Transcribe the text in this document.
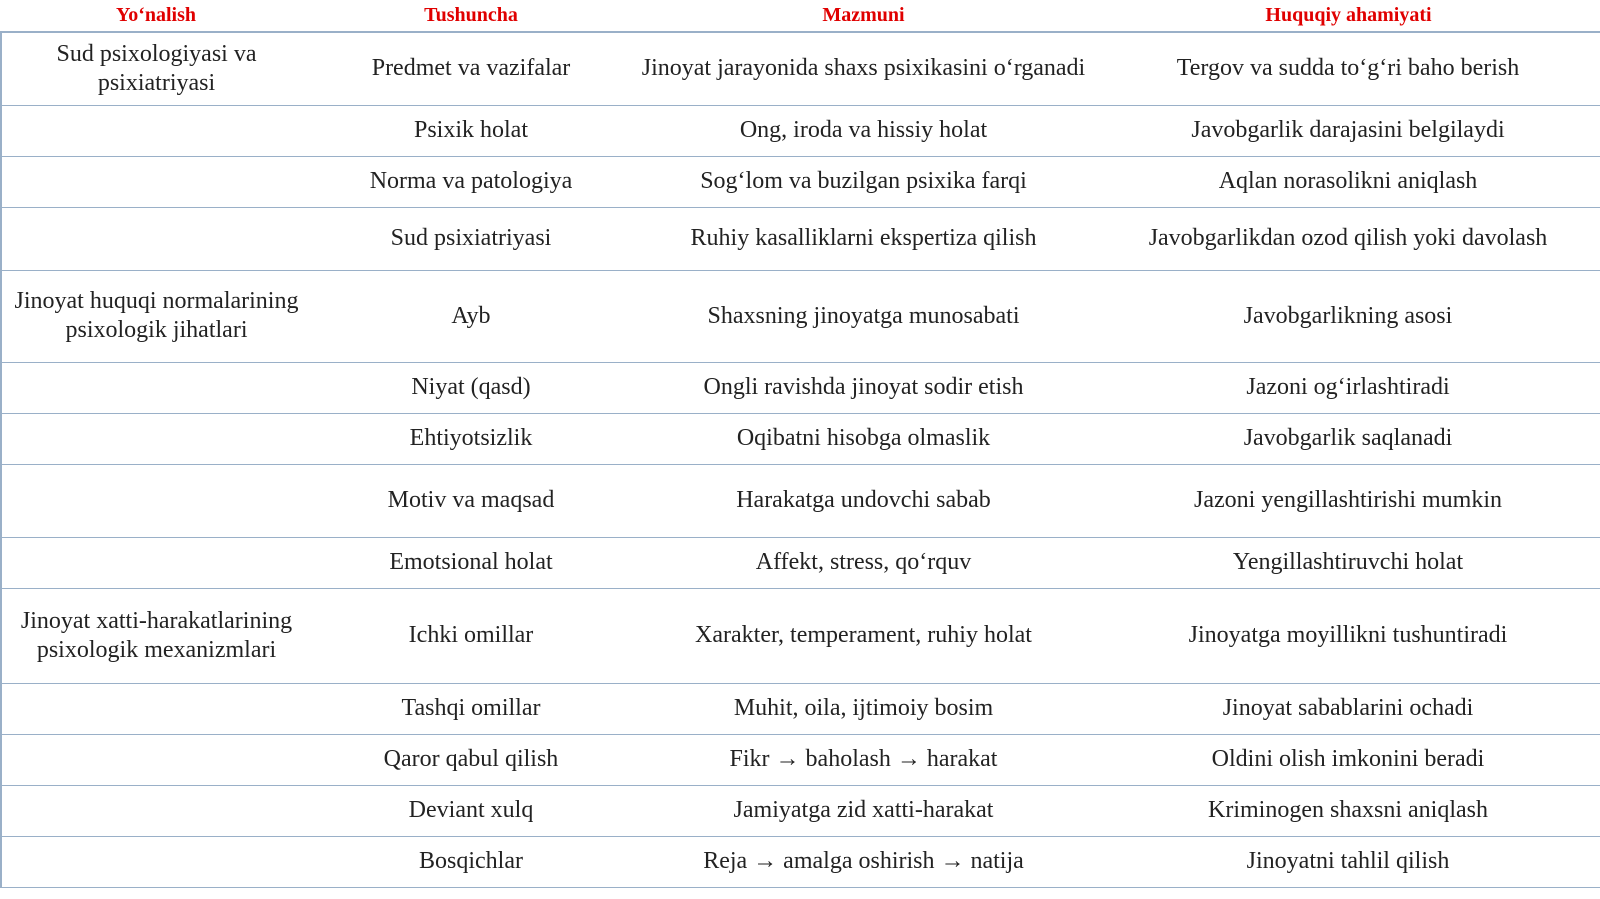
Yo‘nalish	Tushuncha	Mazmuni	Huquqiy ahamiyati
Sud psixologiyasi va psixiatriyasi	Predmet va vazifalar	Jinoyat jarayonida shaxs psixikasini o‘rganadi	Tergov va sudda to‘g‘ri baho berish
	Psixik holat	Ong, iroda va hissiy holat	Javobgarlik darajasini belgilaydi
	Norma va patologiya	Sog‘lom va buzilgan psixika farqi	Aqlan norasolikni aniqlash
	Sud psixiatriyasi	Ruhiy kasalliklarni ekspertiza qilish	Javobgarlikdan ozod qilish yoki davolash
Jinoyat huquqi normalarining psixologik jihatlari	Ayb	Shaxsning jinoyatga munosabati	Javobgarlikning asosi
	Niyat (qasd)	Ongli ravishda jinoyat sodir etish	Jazoni og‘irlashtiradi
	Ehtiyotsizlik	Oqibatni hisobga olmaslik	Javobgarlik saqlanadi
	Motiv va maqsad	Harakatga undovchi sabab	Jazoni yengillashtirishi mumkin
	Emotsional holat	Affekt, stress, qo‘rquv	Yengillashtiruvchi holat
Jinoyat xatti-harakatlarining psixologik mexanizmlari	Ichki omillar	Xarakter, temperament, ruhiy holat	Jinoyatga moyillikni tushuntiradi
	Tashqi omillar	Muhit, oila, ijtimoiy bosim	Jinoyat sabablarini ochadi
	Qaror qabul qilish	Fikr → baholash → harakat	Oldini olish imkonini beradi
	Deviant xulq	Jamiyatga zid xatti-harakat	Kriminogen shaxsni aniqlash
	Bosqichlar	Reja → amalga oshirish → natija	Jinoyatni tahlil qilish
